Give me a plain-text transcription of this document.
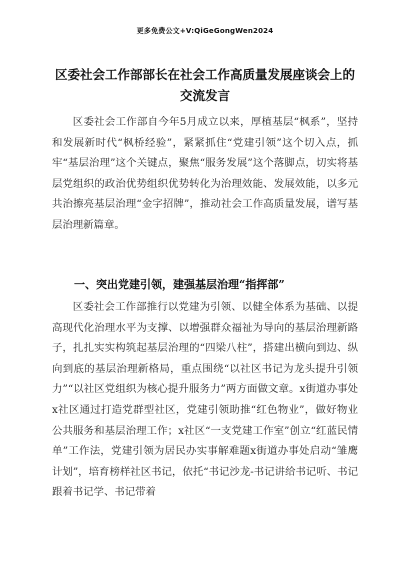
更多免费公文+V:QiGeGongWen2024
区委社会工作部部长在社会工作高质量发展座谈会上的交流发言

区委社会工作部自今年5月成立以来，厚植基层“枫系”，坚持和发展新时代“枫桥经验”，紧紧抓住“党建引领”这个切入点，抓牢“基层治理”这个关键点，聚焦“服务发展”这个落脚点，切实将基层党组织的政治优势组织优势转化为治理效能、发展效能，以多元共治擦亮基层治理“金字招牌”，推动社会工作高质量发展，谱写基层治理新篇章。

一、突出党建引领，建强基层治理“指挥部”

区委社会工作部推行以党建为引领、以健全体系为基础、以提高现代化治理水平为支撑、以增强群众福祉为导向的基层治理新路子，扎扎实实构筑起基层治理的“四梁八柱”，搭建出横向到边、纵向到底的基层治理新格局，重点围绕“以社区书记为龙头提升引领力”“以社区党组织为核心提升服务力”两方面做文章。x街道办事处x社区通过打造党群型社区，党建引领助推“红色物业”，做好物业公共服务和基层治理工作；x社区“一支党建工作室”创立“红蓝民情单”工作法，党建引领为居民办实事解难题x街道办事处启动“雏鹰计划”，培育榜样社区书记，依托“书记沙龙-书记讲给书记听、书记跟着书记学、书记带着
